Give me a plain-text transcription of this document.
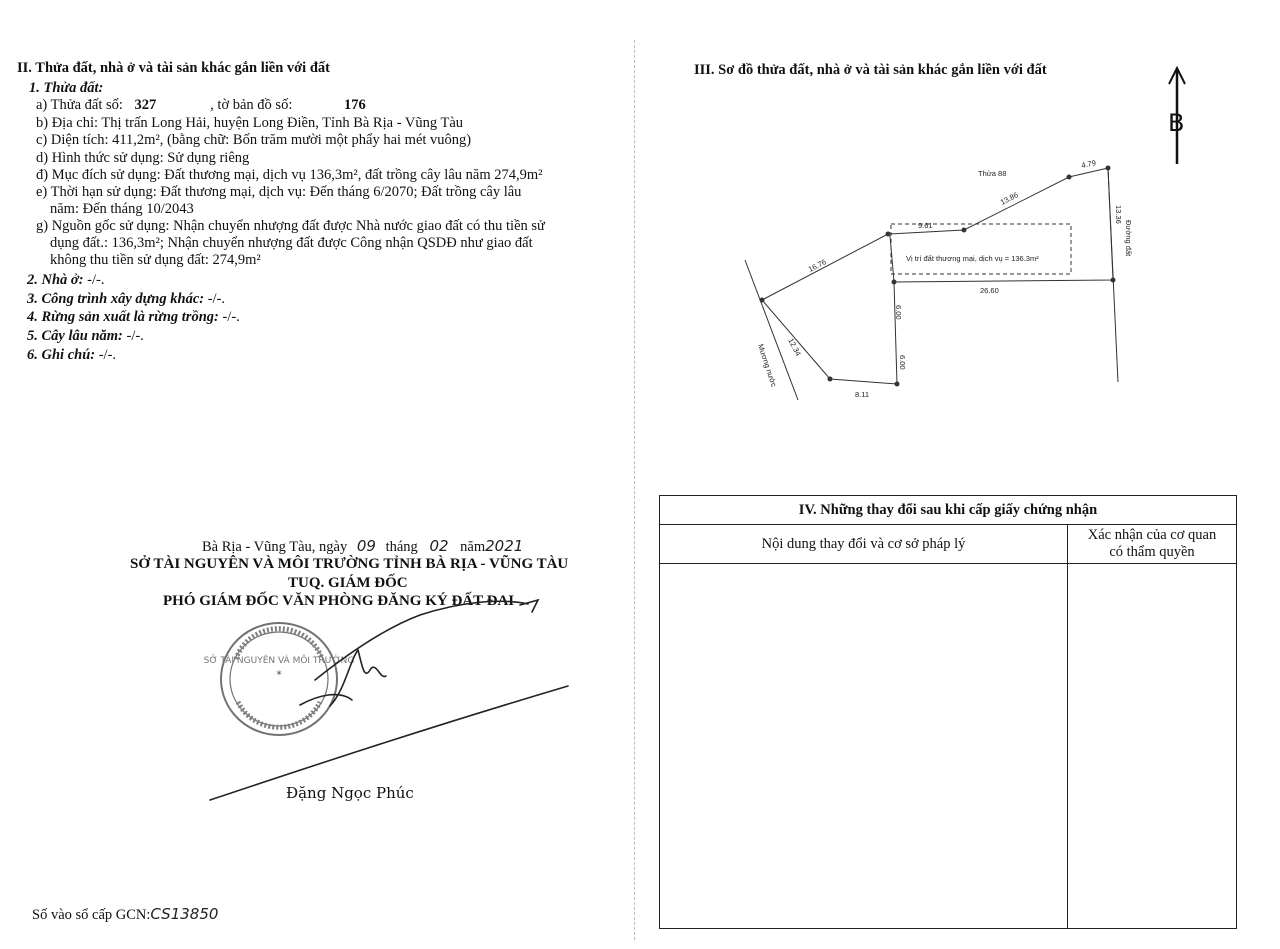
II. Thửa đất, nhà ở và tài sản khác gắn liền với đất
1. Thửa đất:
a) Thửa đất số: 327	, tờ bản đồ số:	176
b) Địa chỉ: Thị trấn Long Hải, huyện Long Điền, Tỉnh Bà Rịa - Vũng Tàu
c) Diện tích: 411,2m², (bằng chữ: Bốn trăm mười một phẩy hai mét vuông)
d) Hình thức sử dụng: Sử dụng riêng
đ) Mục đích sử dụng: Đất thương mại, dịch vụ 136,3m², đất trồng cây lâu năm 274,9m²
e) Thời hạn sử dụng: Đất thương mại, dịch vụ: Đến tháng 6/2070; Đất trồng cây lâu
năm: Đến tháng 10/2043
g) Nguồn gốc sử dụng: Nhận chuyển nhượng đất được Nhà nước giao đất có thu tiền sử
dụng đất.: 136,3m²; Nhận chuyển nhượng đất được Công nhận QSDĐ như giao đất
không thu tiền sử dụng đất: 274,9m²
2. Nhà ở: -/-.
3. Công trình xây dựng khác: -/-.
4. Rừng sản xuất là rừng trồng: -/-.
5. Cây lâu năm: -/-.
6. Ghi chú: -/-.
Bà Rịa - Vũng Tàu, ngày 09 tháng 02 năm2021
SỞ TÀI NGUYÊN VÀ MÔI TRƯỜNG TỈNH BÀ RỊA - VŨNG TÀU
TUQ. GIÁM ĐỐC
PHÓ GIÁM ĐỐC VĂN PHÒNG ĐĂNG KÝ ĐẤT ĐAI
SỞ TÀI NGUYÊN VÀ MÔI TRƯỜNG
✶
Đặng Ngọc Phúc
Số vào sổ cấp GCN:CS13850
III. Sơ đồ thửa đất, nhà ở và tài sản khác gắn liền với đất
B
Thửa 88
Vị trí đất thương mại, dịch vụ = 136.3m²
Đường đất
Mương nước
16.76
9.61
13.86
4.79
13.36
26.60
6.00
6.00
12.34
8.11
IV. Những thay đổi sau khi cấp giấy chứng nhận	
Nội dung thay đổi và cơ sở pháp lý	Xác nhận của cơ quan
có thẩm quyền
